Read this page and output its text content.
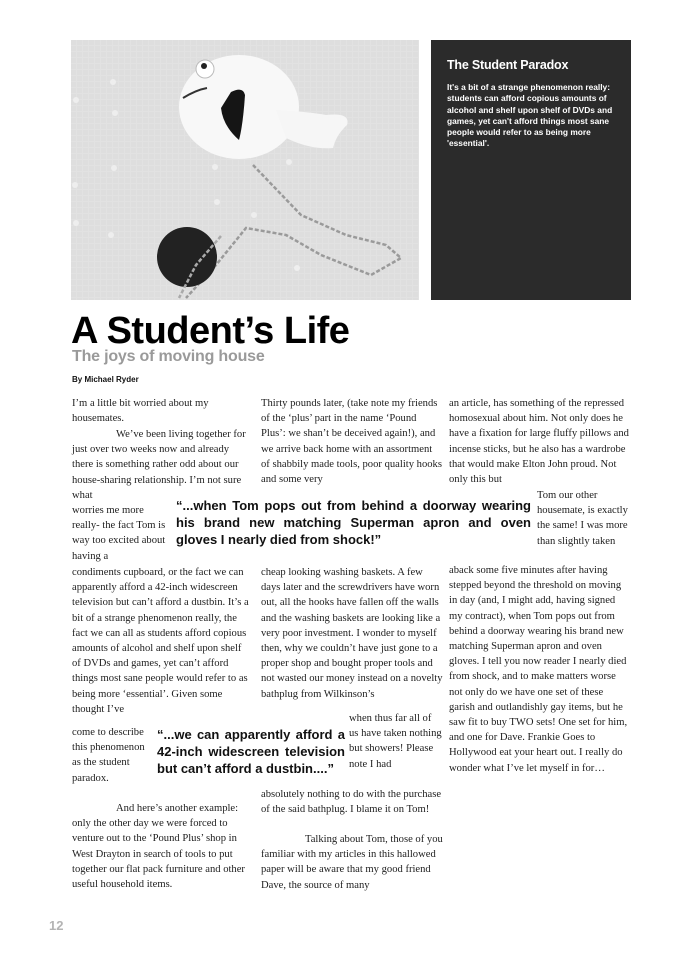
The Student Paradox
It's a bit of a strange phenomenon really: students can afford copious amounts of alcohol and shelf upon shelf of DVDs and games, yet can't afford things most sane people would refer to as being more 'essential'.
A Student’s Life
The joys of moving house
By Michael Ryder

I’m a little bit worried about my housemates.

We’ve been living together for just over two weeks now and already there is something rather odd about our house-sharing relationship. I’m not sure what

worries me more really- the fact Tom is way too excited about having a

condiments cupboard, or the fact we can apparently afford a 42-inch widescreen television but can’t afford a dustbin. It’s a bit of a strange phenomenon really, the fact we can all as students afford copious amounts of alcohol and shelf upon shelf of DVDs and games, yet can’t afford things most sane people would refer to as being more ‘essential’. Given some thought I’ve

come to describe this phenomenon as the student paradox.

And here’s another example: only the other day we were forced to venture out to the ‘Pound Plus’ shop in West Drayton in search of tools to put together our flat pack furniture and other useful household items.

Thirty pounds later, (take note my friends of the ‘plus’ part in the name ‘Pound Plus’: we shan’t be deceived again!), and we arrive back home with an assortment of shabbily made tools, poor quality hooks and some very

cheap looking washing baskets. A few days later and the screwdrivers have worn out, all the hooks have fallen off the walls and the washing baskets are looking like a very poor investment. I wonder to myself then, why we couldn’t have just gone to a proper shop and bought proper tools and not wasted our money instead on a novelty bathplug from Wilkinson’s

when thus far all of us have taken nothing but showers! Please note I had

absolutely nothing to do with the purchase of the said bathplug. I blame it on Tom!

Talking about Tom, those of you familiar with my articles in this hallowed paper will be aware that my good friend Dave, the source of many

an article, has something of the repressed homosexual about him. Not only does he have a fixation for large fluffy pillows and incense sticks, but he also has a wardrobe that would make Elton John proud. Not only this but

Tom our other housemate, is exactly the same! I was more than slightly taken

aback some five minutes after having stepped beyond the threshold on moving in day (and, I might add, having signed my contract), when Tom pops out from behind a doorway wearing his brand new matching Superman apron and oven gloves. I tell you now reader I nearly died from shock, and to make matters worse not only do we have one set of these garish and outlandishly gay items, but he saw fit to buy TWO sets! One set for him, and one for Dave. Frankie Goes to Hollywood eat your heart out. I really do wonder what I’ve let myself in for…

“...when Tom pops out from behind a doorway wearing his brand new matching Superman apron and oven gloves I nearly died from shock!”

“...we can apparently afford a 42-inch widescreen television but can’t afford a dustbin....”

12
